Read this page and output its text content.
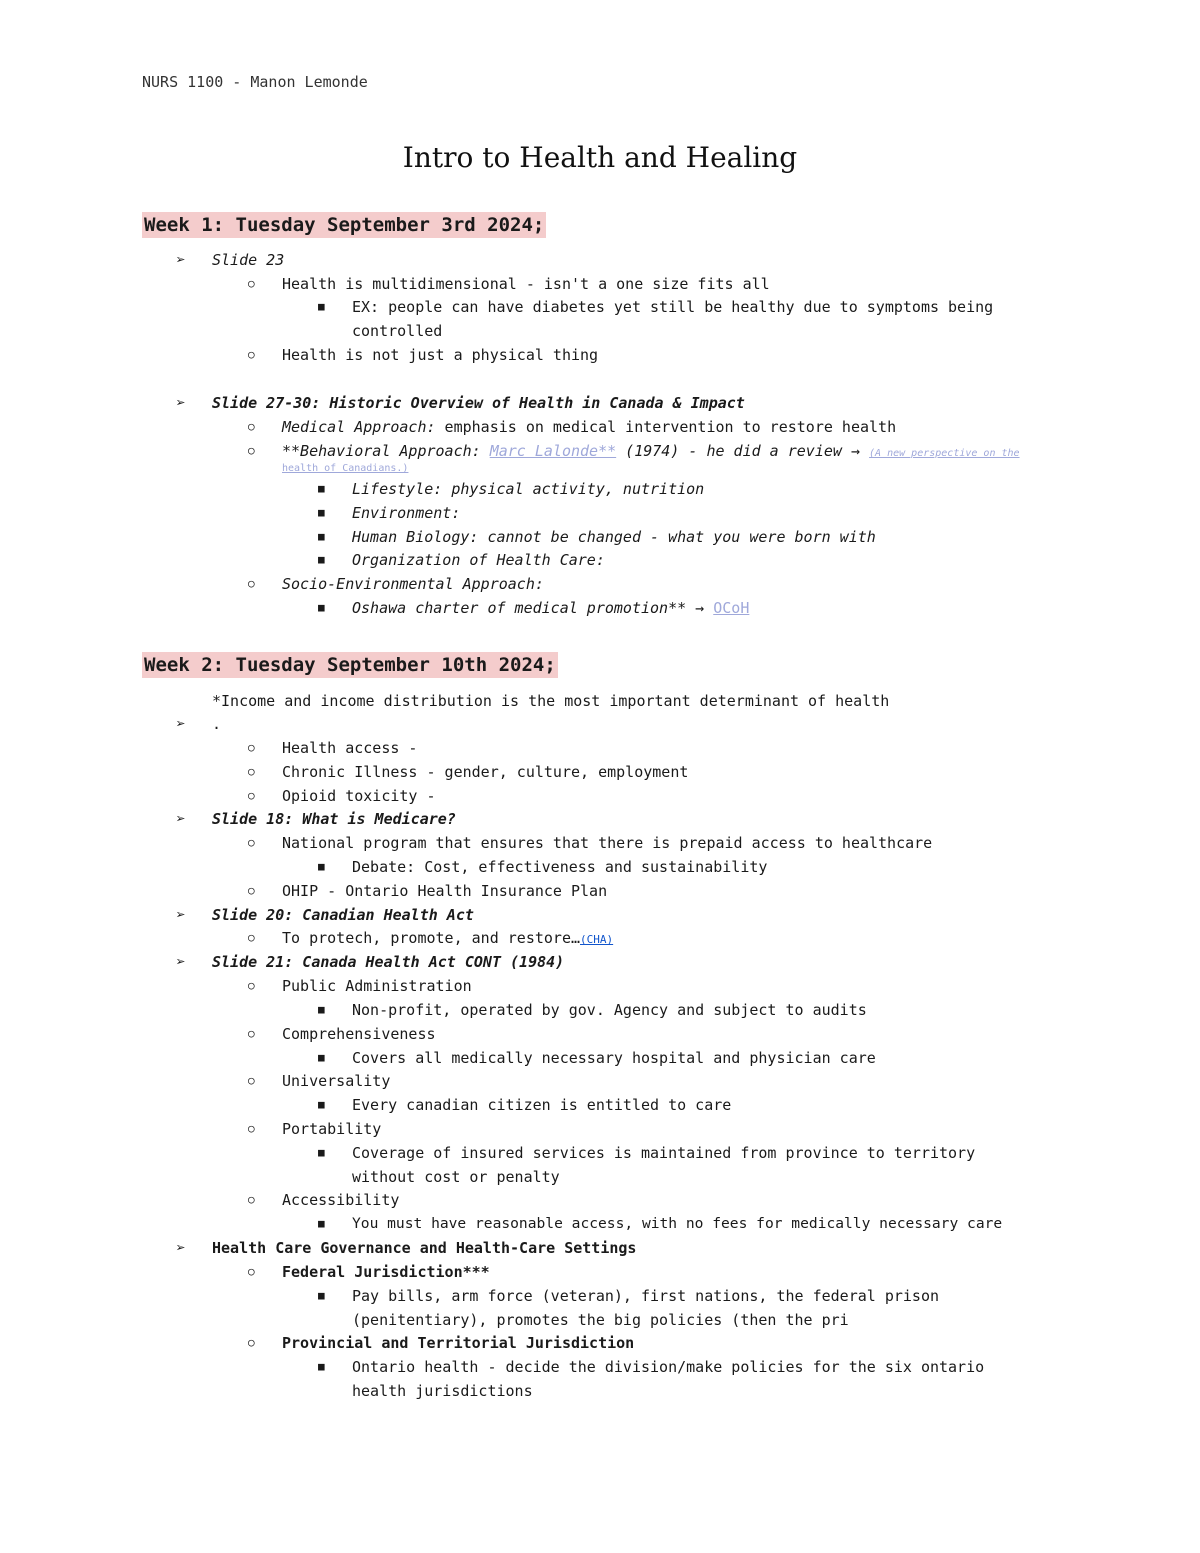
NURS 1100 - Manon Lemonde
Intro to Health and Healing
Week 1: Tuesday September 3rd 2024;
➢ Slide 23
○ Health is multidimensional - isn't a one size fits all
■ EX: people can have diabetes yet still be healthy due to symptoms being
controlled
○ Health is not just a physical thing
➢ Slide 27-30: Historic Overview of Health in Canada & Impact
○ Medical Approach: emphasis on medical intervention to restore health
○ **Behavioral Approach: Marc Lalonde** (1974) - he did a review → (A new perspective on the
health of Canadians.)
■ Lifestyle: physical activity, nutrition
■ Environment:
■ Human Biology: cannot be changed - what you were born with
■ Organization of Health Care:
○ Socio-Environmental Approach:
■ Oshawa charter of medical promotion** → OCoH
Week 2: Tuesday September 10th 2024;
*Income and income distribution is the most important determinant of health
➢ .
○ Health access -
○ Chronic Illness - gender, culture, employment
○ Opioid toxicity -
➢ Slide 18: What is Medicare?
○ National program that ensures that there is prepaid access to healthcare
■ Debate: Cost, effectiveness and sustainability
○ OHIP - Ontario Health Insurance Plan
➢ Slide 20: Canadian Health Act
○ To protech, promote, and restore…(CHA)
➢ Slide 21: Canada Health Act CONT (1984)
○ Public Administration
■ Non-profit, operated by gov. Agency and subject to audits
○ Comprehensiveness
■ Covers all medically necessary hospital and physician care
○ Universality
■ Every canadian citizen is entitled to care
○ Portability
■ Coverage of insured services is maintained from province to territory
without cost or penalty
○ Accessibility
■ You must have reasonable access, with no fees for medically necessary care
➢ Health Care Governance and Health-Care Settings
○ Federal Jurisdiction***
■ Pay bills, arm force (veteran), first nations, the federal prison
(penitentiary), promotes the big policies (then the pri
○ Provincial and Territorial Jurisdiction
■ Ontario health - decide the division/make policies for the six ontario
health jurisdictions
